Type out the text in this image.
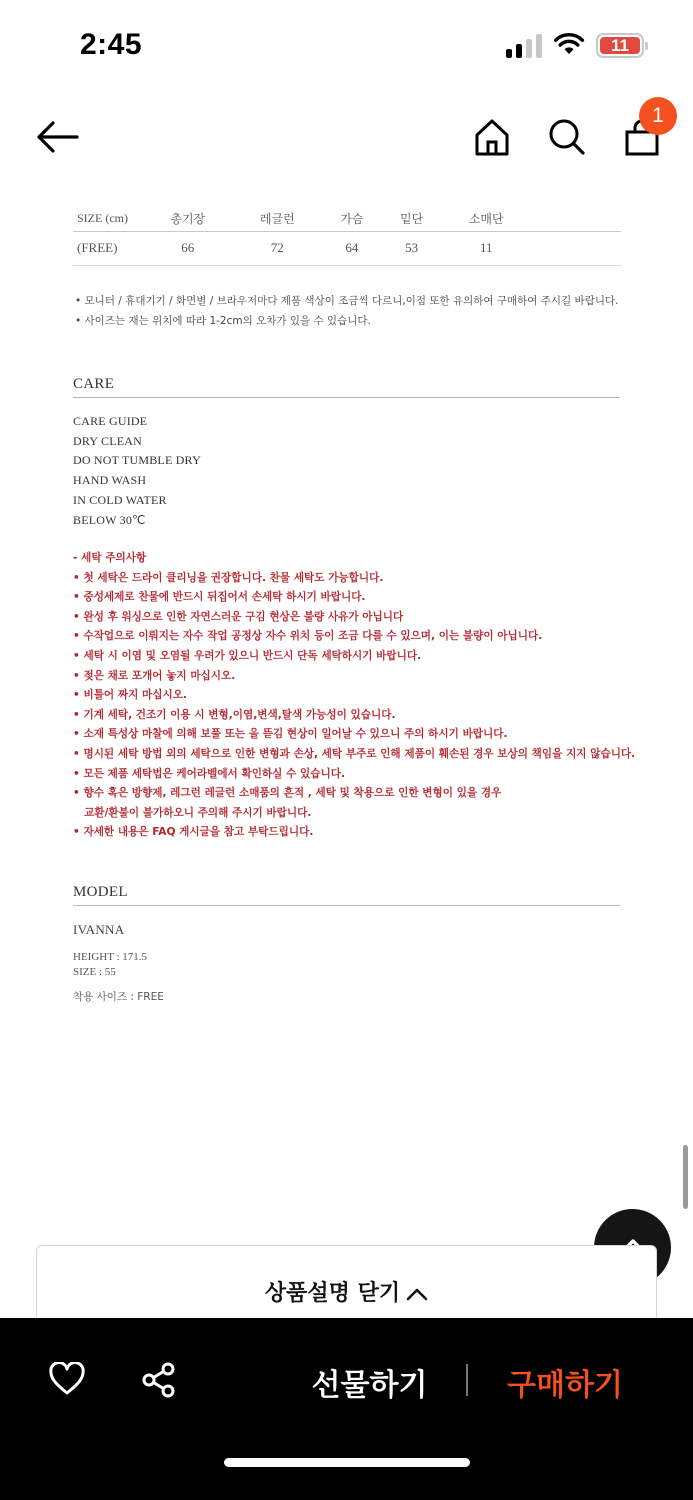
2:45	11
1
SIZE (cm)	총기장	레글런	가슴	밑단	소매단	
(FREE)	66	72	64	53	11	
• 모니터 / 휴대기기 / 화면별 / 브라우저마다 제품 색상이 조금씩 다르니,이점 또한 유의하여 구매하여 주시길 바랍니다.
• 사이즈는 재는 위치에 따라 1-2cm의 오차가 있을 수 있습니다.
CARE
CARE GUIDE
DRY CLEAN
DO NOT TUMBLE DRY
HAND WASH
IN COLD WATER
BELOW 30℃
- 세탁 주의사항
• 첫 세탁은 드라이 클리닝을 권장합니다. 찬물 세탁도 가능합니다.
• 중성세제로 찬물에 반드시 뒤집어서 손세탁 하시기 바랍니다.
• 완성 후 워싱으로 인한 자연스러운 구김 현상은 불량 사유가 아닙니다
• 수작업으로 이뤄지는 자수 작업 공정상 자수 위치 등이 조금 다를 수 있으며, 이는 불량이 아닙니다.
• 세탁 시 이염 및 오염될 우려가 있으니 반드시 단독 세탁하시기 바랍니다.
• 젖은 채로 포개어 놓지 마십시오.
• 비틀어 짜지 마십시오.
• 기계 세탁, 건조기 이용 시 변형,이염,변색,탈색 가능성이 있습니다.
• 소재 특성상 마찰에 의해 보풀 또는 올 뜯김 현상이 일어날 수 있으니 주의 하시기 바랍니다.
• 명시된 세탁 방법 외의 세탁으로 인한 변형과 손상, 세탁 부주로 인해 제품이 훼손된 경우 보상의 책임을 지지 않습니다.
• 모든 제품 세탁법은 케어라벨에서 확인하실 수 있습니다.
• 향수 혹은 방향제, 레그런 레글런 소매품의 흔적 , 세탁 및 착용으로 인한 변형이 있을 경우
교환/환불이 불가하오니 주의해 주시기 바랍니다.
• 자세한 내용은 FAQ 게시글을 참고 부탁드립니다.
MODEL
IVANNA
HEIGHT : 171.5
SIZE : 55
착용 사이즈 : FREE
상품설명 닫기
선물하기	구매하기
